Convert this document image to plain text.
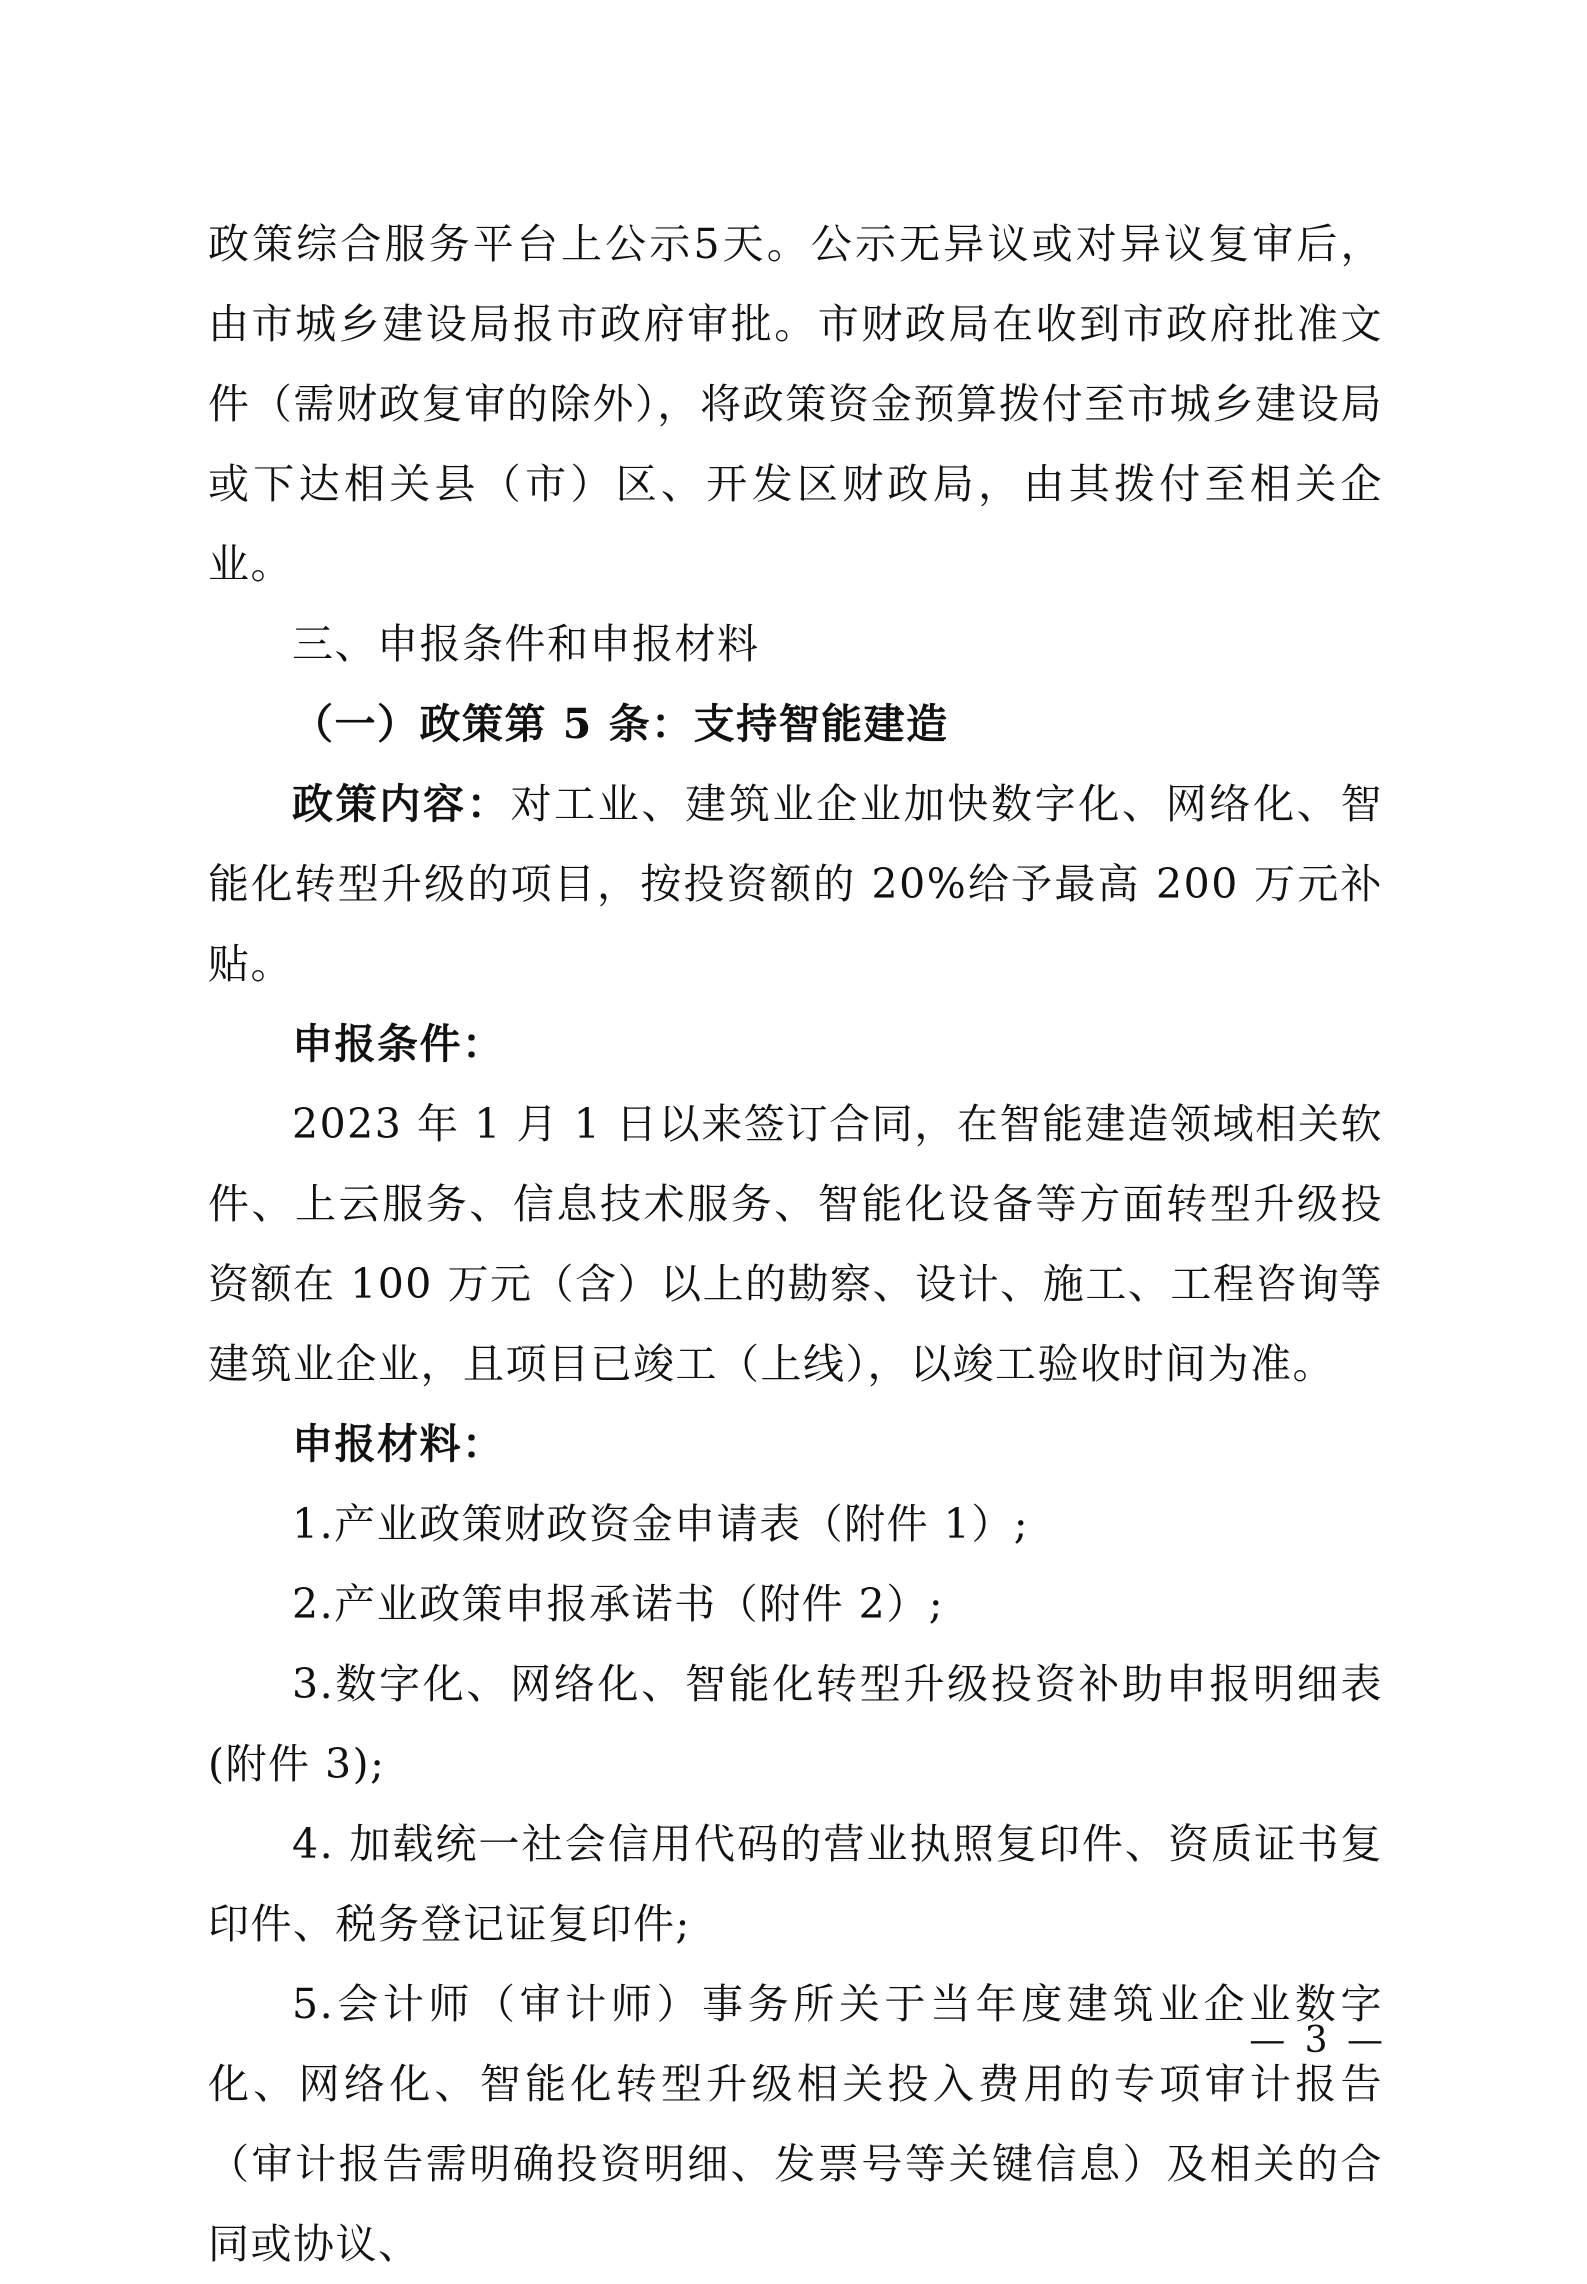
政策综合服务平台上公示5天。公示无异议或对异议复审后，由市城乡建设局报市政府审批。市财政局在收到市政府批准文件（需财政复审的除外），将政策资金预算拨付至市城乡建设局或下达相关县（市）区、开发区财政局，由其拨付至相关企业。

三、申报条件和申报材料

（一）政策第 5 条：支持智能建造

政策内容：对工业、建筑业企业加快数字化、网络化、智能化转型升级的项目，按投资额的 20%给予最高 200 万元补贴。

申报条件：

2023 年 1 月 1 日以来签订合同，在智能建造领域相关软件、上云服务、信息技术服务、智能化设备等方面转型升级投资额在 100 万元（含）以上的勘察、设计、施工、工程咨询等建筑业企业，且项目已竣工（上线），以竣工验收时间为准。

申报材料：

1.产业政策财政资金申请表（附件 1）;

2.产业政策申报承诺书（附件 2）;

3.数字化、网络化、智能化转型升级投资补助申报明细表(附件 3);

4. 加载统一社会信用代码的营业执照复印件、资质证书复印件、税务登记证复印件;

5.会计师（审计师）事务所关于当年度建筑业企业数字化、网络化、智能化转型升级相关投入费用的专项审计报告（审计报告需明确投资明细、发票号等关键信息）及相关的合同或协议、

— 3 —
